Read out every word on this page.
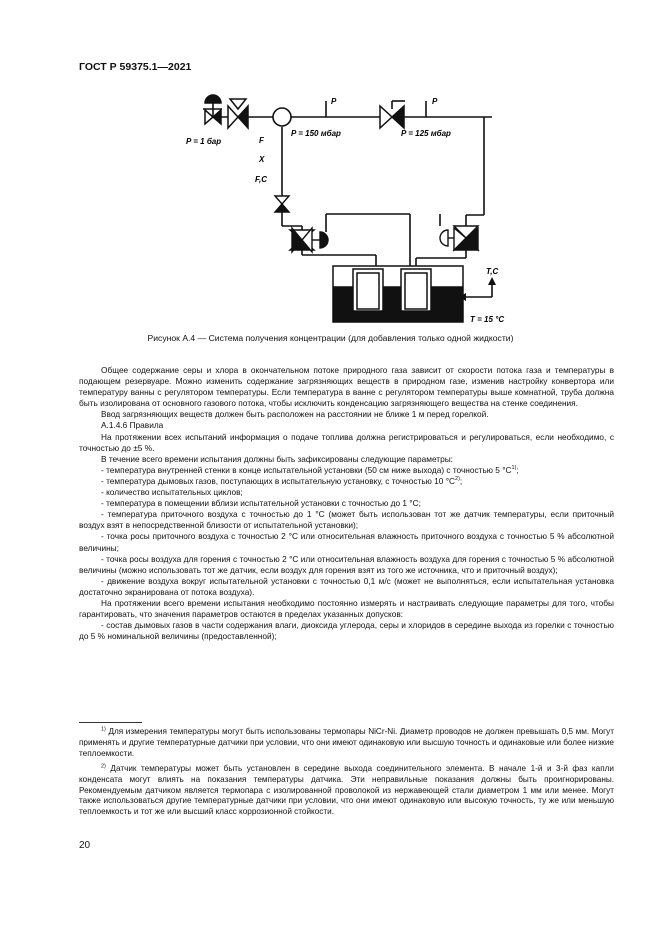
ГОСТ Р 59375.1—2021
P = 1 бар
P
P = 150 мбар
P
P = 125 мбар
F
X
F,C
T,C
T = 15 °C
Рисунок А.4 — Система получения концентрации (для добавления только одной жидкости)

Общее содержание серы и хлора в окончательном потоке природного газа зависит от скорости потока газа и температуры в подающем резервуаре. Можно изменить содержание загрязняющих веществ в природном газе, изменив настройку конвертора или температуру ванны с регулятором температуры. Если температура в ванне с регулятором температуры выше комнатной, труба должна быть изолирована от основного газового потока, чтобы исключить конденсацию загрязняющего вещества на стенке соединения.

Ввод загрязняющих веществ должен быть расположен на расстоянии не ближе 1 м перед горелкой.

А.1.4.6 Правила

На протяжении всех испытаний информация о подаче топлива должна регистрироваться и регулироваться, если необходимо, с точностью до ±5 %.

В течение всего времени испытания должны быть зафиксированы следующие параметры:

- температура внутренней стенки в конце испытательной установки (50 см ниже выхода) с точностью 5 $^\circ C^{1)}$;

- температура дымовых газов, поступающих в испытательную установку, с точностью 10 $^\circ C^{2)}$;

- количество испытательных циклов;

- температура в помещении вблизи испытательной установки с точностью до 1 °C;

- температура приточного воздуха с точностью до 1 °C (может быть использован тот же датчик температуры, если приточный воздух взят в непосредственной близости от испытательной установки);

- точка росы приточного воздуха с точностью 2 °C или относительная влажность приточного воздуха с точностью 5 % абсолютной величины;

- точка росы воздуха для горения с точностью 2 °C или относительная влажность воздуха для горения с точностью 5 % абсолютной величины (можно использовать тот же датчик, если воздух для горения взят из того же источника, что и приточный воздух);

- движение воздуха вокруг испытательной установки с точностью 0,1 м/с (может не выполняться, если испытательная установка достаточно экранирована от потока воздуха).

На протяжении всего времени испытания необходимо постоянно измерять и настраивать следующие параметры для того, чтобы гарантировать, что значения параметров остаются в пределах указанных допусков:

- состав дымовых газов в части содержания влаги, диоксида углерода, серы и хлоридов в середине выхода из горелки с точностью до 5 % номинальной величины (предоставленной);

$^{1)}$ Для измерения температуры могут быть использованы термопары NiCr-Ni. Диаметр проводов не должен превышать 0,5 мм. Могут применять и другие температурные датчики при условии, что они имеют одинаковую или высшую точность и одинаковые или более низкие теплоемкости.

$^{2)}$ Датчик температуры может быть установлен в середине выхода соединительного элемента. В начале 1-й и 3-й фаз капли конденсата могут влиять на показания температуры датчика. Эти неправильные показания должны быть проигнорированы. Рекомендуемым датчиком является термопара с изолированной проволокой из нержавеющей стали диаметром 1 мм или менее. Могут также использоваться другие температурные датчики при условии, что они имеют одинаковую или высокую точность, ту же или меньшую теплоемкость и тот же или высший класс коррозионной стойкости.

20
